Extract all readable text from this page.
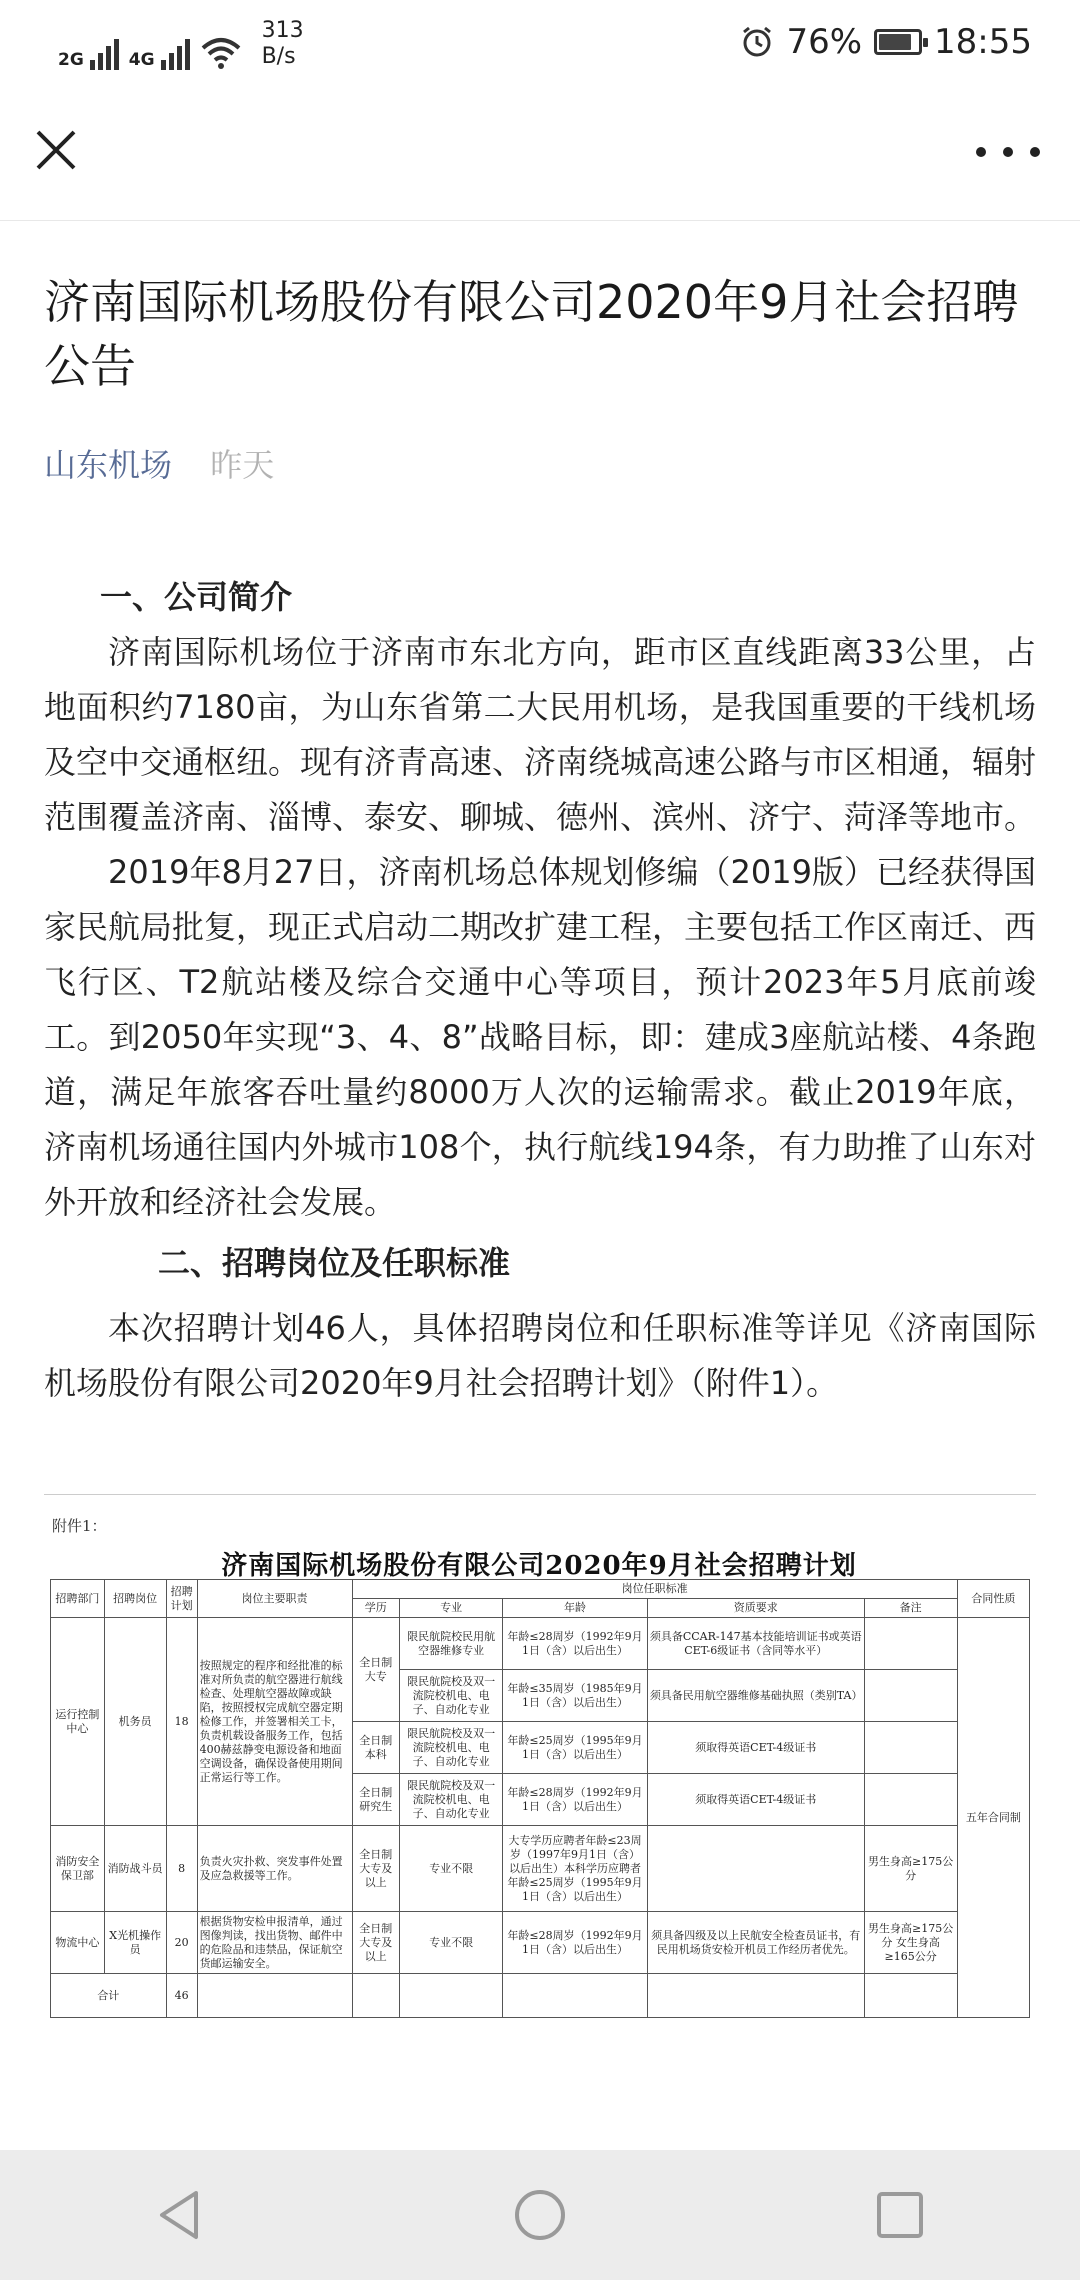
2G	4G
313
B/s	76% 18:55
济南国际机场股份有限公司2020年9月社会招聘公告
山东机场 昨天

一、公司简介

济南国际机场位于济南市东北方向，距市区直线距离33公里，占地面积约7180亩，为山东省第二大民用机场，是我国重要的干线机场及空中交通枢纽。现有济青高速、济南绕城高速公路与市区相通，辐射范围覆盖济南、淄博、泰安、聊城、德州、滨州、济宁、菏泽等地市。

2019年8月27日，济南机场总体规划修编（2019版）已经获得国家民航局批复，现正式启动二期改扩建工程，主要包括工作区南迁、西飞行区、T2航站楼及综合交通中心等项目，预计2023年5月底前竣工。到2050年实现“3、4、8”战略目标，即：建成3座航站楼、4条跑道，满足年旅客吞吐量约8000万人次的运输需求。截止2019年底，济南机场通往国内外城市108个，执行航线194条，有力助推了山东对外开放和经济社会发展。

二、招聘岗位及任职标准

本次招聘计划46人，具体招聘岗位和任职标准等详见《济南国际机场股份有限公司2020年9月社会招聘计划》（附件1）。

附件1：
济南国际机场股份有限公司2020年9月社会招聘计划
招聘部门	招聘岗位	招聘计划	岗位主要职责	岗位任职标准					合同性质
				学历	专业	年龄	资质要求	备注	
运行控制中心	机务员	18	按照规定的程序和经批准的标准对所负责的航空器进行航线检查、处理航空器故障或缺陷，按照授权完成航空器定期检修工作，并签署相关工卡，负责机载设备服务工作，包括400赫兹静变电源设备和地面空调设备，确保设备使用期间正常运行等工作。	全日制大专	限民航院校民用航空器维修专业	年龄≤28周岁（1992年9月1日（含）以后出生）	须具备CCAR-147基本技能培训证书或英语CET-6级证书（含同等水平）		五年合同制
					限民航院校及双一流院校机电、电子、自动化专业	年龄≤35周岁（1985年9月1日（含）以后出生）	须具备民用航空器维修基础执照（类别TA）		
				全日制本科	限民航院校及双一流院校机电、电子、自动化专业	年龄≤25周岁（1995年9月1日（含）以后出生）	须取得英语CET-4级证书		
				全日制研究生	限民航院校及双一流院校机电、电子、自动化专业	年龄≤28周岁（1992年9月1日（含）以后出生）	须取得英语CET-4级证书		
消防安全保卫部	消防战斗员	8	负责火灾扑救、突发事件处置及应急救援等工作。	全日制大专及以上	专业不限	大专学历应聘者年龄≤23周岁（1997年9月1日（含）以后出生）本科学历应聘者年龄≤25周岁（1995年9月1日（含）以后出生）		男生身高≥175公分	
物流中心	X光机操作员	20	根据货物安检申报清单，通过图像判读，找出货物、邮件中的危险品和违禁品，保证航空货邮运输安全。	全日制大专及以上	专业不限	年龄≤28周岁（1992年9月1日（含）以后出生）	须具备四级及以上民航安全检查员证书，有民用机场货安检开机员工作经历者优先。	男生身高≥175公分 女生身高≥165公分	
合计		46							
